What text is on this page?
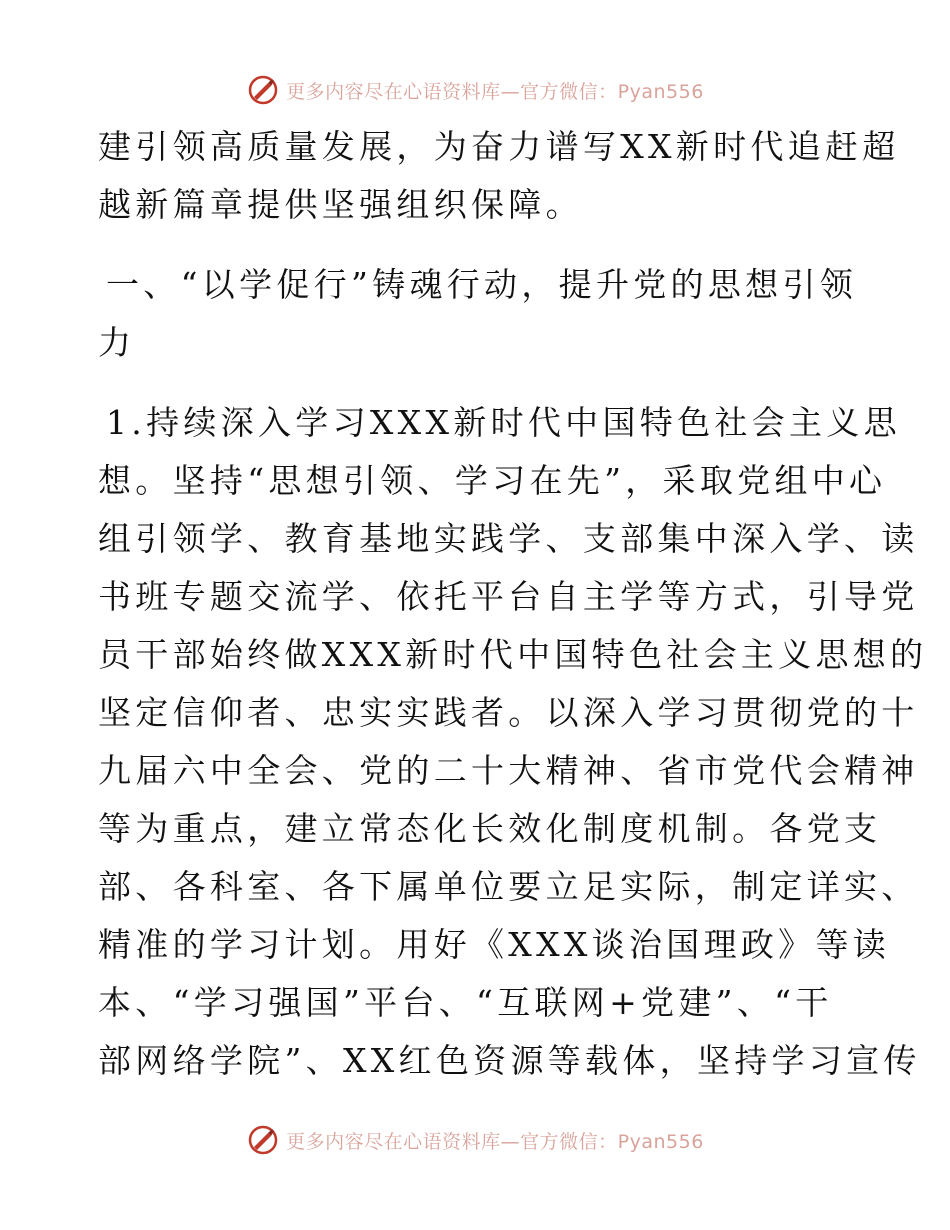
更多内容尽在心语资料库—官方微信：Pyan556
建引领高质量发展，为奋力谱写XX新时代追赶超
越新篇章提供坚强组织保障。
一、“以学促行”铸魂行动，提升党的思想引领
力
1.持续深入学习XXX新时代中国特色社会主义思
想。坚持“思想引领、学习在先”，采取党组中心
组引领学、教育基地实践学、支部集中深入学、读
书班专题交流学、依托平台自主学等方式，引导党
员干部始终做XXX新时代中国特色社会主义思想的
坚定信仰者、忠实实践者。以深入学习贯彻党的十
九届六中全会、党的二十大精神、省市党代会精神
等为重点，建立常态化长效化制度机制。各党支
部、各科室、各下属单位要立足实际，制定详实、
精准的学习计划。用好《XXX谈治国理政》等读
本、“学习强国”平台、“互联网+党建”、“干
部网络学院”、XX红色资源等载体，坚持学习宣传
更多内容尽在心语资料库—官方微信：Pyan556
